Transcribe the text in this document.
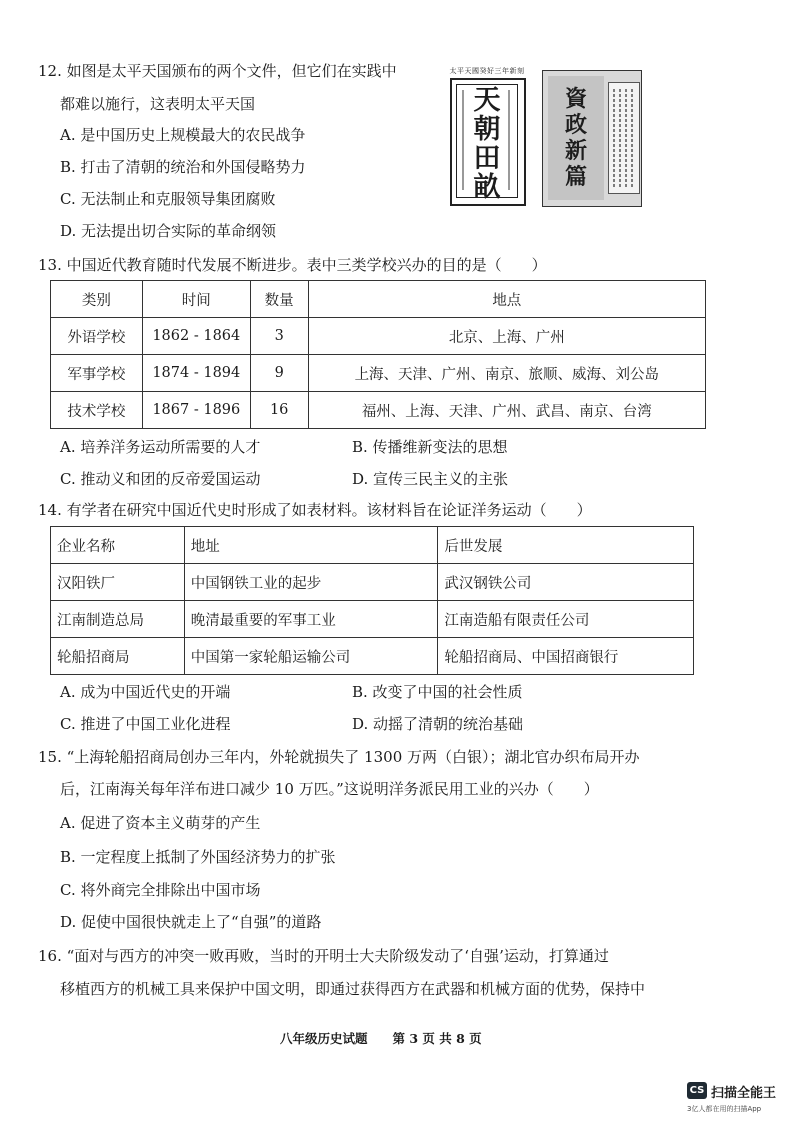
12. 如图是太平天国颁布的两个文件，但它们在实践中
都难以施行，这表明太平天国
A. 是中国历史上规模最大的农民战争
B. 打击了清朝的统治和外国侵略势力
C. 无法制止和克服领导集团腐败
D. 无法提出切合实际的革命纲领
太平天國癸好三年新刻
天
朝
田
畝
資
政
新
篇
13. 中国近代教育随时代发展不断进步。表中三类学校兴办的目的是（　　）
类别	时间	数量	地点
外语学校	1862 - 1864	3	北京、上海、广州
军事学校	1874 - 1894	9	上海、天津、广州、南京、旅顺、威海、刘公岛
技术学校	1867 - 1896	16	福州、上海、天津、广州、武昌、南京、台湾
A. 培养洋务运动所需要的人才	B. 传播维新变法的思想
C. 推动义和团的反帝爱国运动	D. 宣传三民主义的主张
14. 有学者在研究中国近代史时形成了如表材料。该材料旨在论证洋务运动（　　）
企业名称	地址	后世发展
汉阳铁厂	中国钢铁工业的起步	武汉钢铁公司
江南制造总局	晚清最重要的军事工业	江南造船有限责任公司
轮船招商局	中国第一家轮船运输公司	轮船招商局、中国招商银行
A. 成为中国近代史的开端	B. 改变了中国的社会性质
C. 推进了中国工业化进程	D. 动摇了清朝的统治基础
15. “上海轮船招商局创办三年内，外轮就损失了 1300 万两（白银）；湖北官办织布局开办
后，江南海关每年洋布进口减少 10 万匹。”这说明洋务派民用工业的兴办（　　）
A. 促进了资本主义萌芽的产生
B. 一定程度上抵制了外国经济势力的扩张
C. 将外商完全排除出中国市场
D. 促使中国很快就走上了“自强”的道路
16. “面对与西方的冲突一败再败，当时的开明士大夫阶级发动了‘自强’运动，打算通过
移植西方的机械工具来保护中国文明，即通过获得西方在武器和机械方面的优势，保持中
八年级历史试题　　第 3 页 共 8 页
CS 扫描全能王
3亿人都在用的扫描App
